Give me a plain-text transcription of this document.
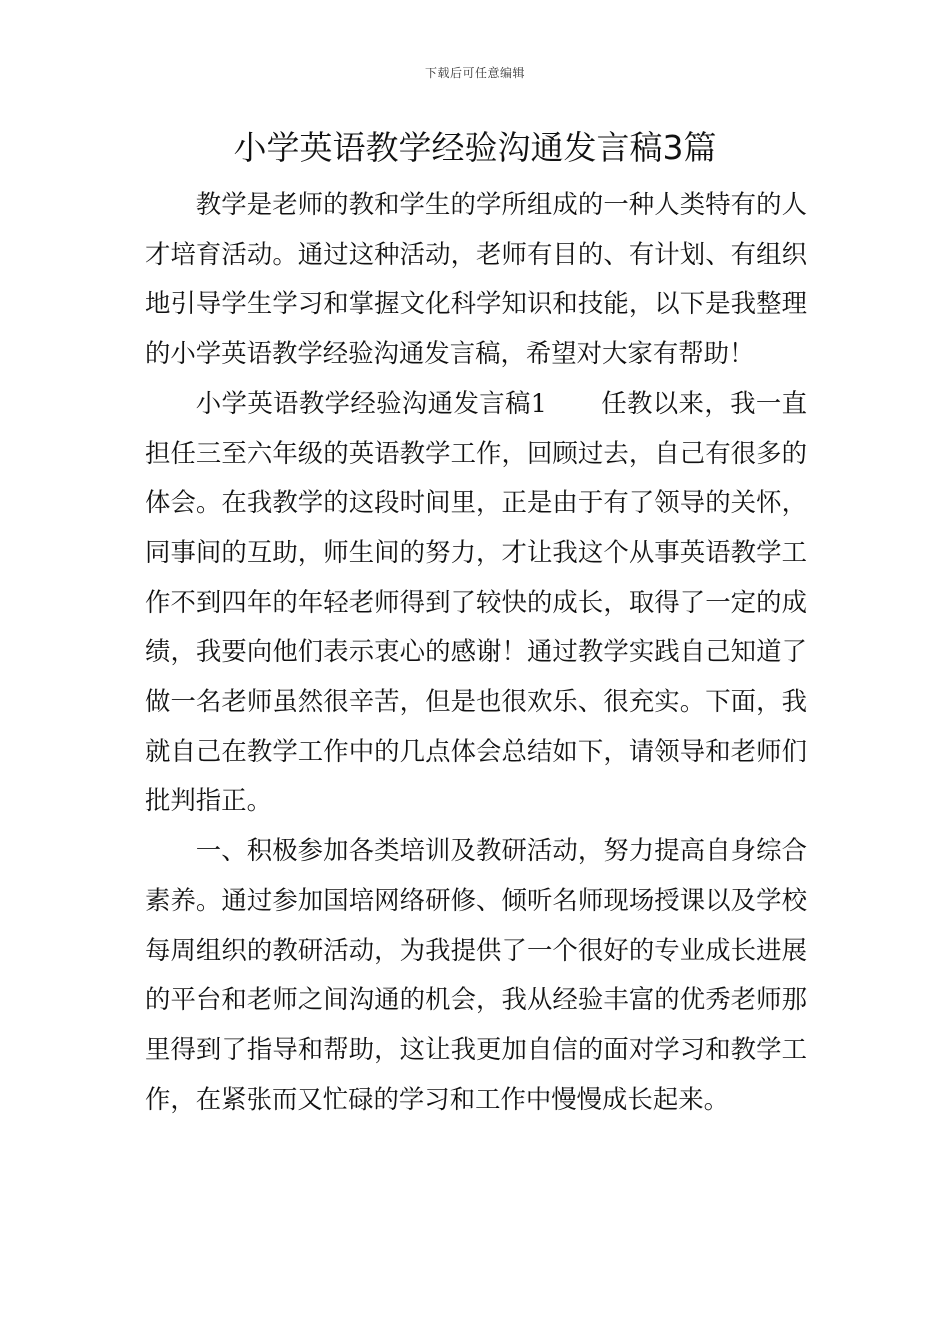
下载后可任意编辑
小学英语教学经验沟通发言稿3篇

教学是老师的教和学生的学所组成的一种人类特有的人才培育活动。通过这种活动，老师有目的、有计划、有组织地引导学生学习和掌握文化科学知识和技能，以下是我整理的小学英语教学经验沟通发言稿，希望对大家有帮助！

小学英语教学经验沟通发言稿1 任教以来，我一直担任三至六年级的英语教学工作，回顾过去，自己有很多的体会。在我教学的这段时间里，正是由于有了领导的关怀，同事间的互助，师生间的努力，才让我这个从事英语教学工作不到四年的年轻老师得到了较快的成长，取得了一定的成绩，我要向他们表示衷心的感谢！通过教学实践自己知道了做一名老师虽然很辛苦，但是也很欢乐、很充实。下面，我就自己在教学工作中的几点体会总结如下，请领导和老师们批判指正。

一、积极参加各类培训及教研活动，努力提高自身综合素养。通过参加国培网络研修、倾听名师现场授课以及学校每周组织的教研活动，为我提供了一个很好的专业成长进展的平台和老师之间沟通的机会，我从经验丰富的优秀老师那里得到了指导和帮助，这让我更加自信的面对学习和教学工作，在紧张而又忙碌的学习和工作中慢慢成长起来。
